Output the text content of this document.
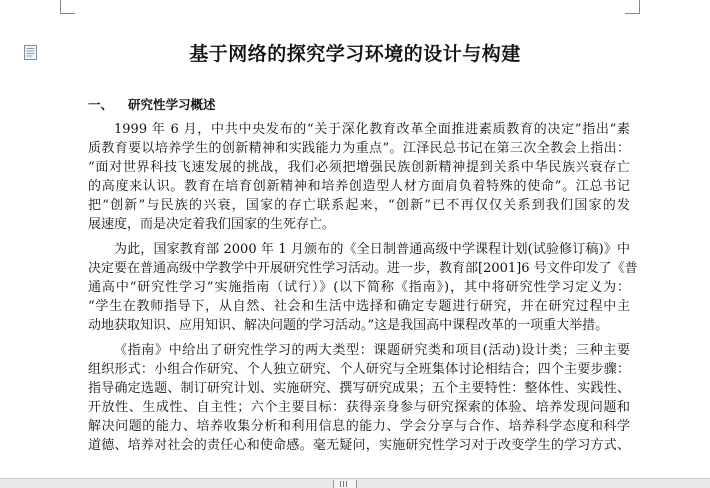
基于网络的探究学习环境的设计与构建
一、 研究性学习概述
1999 年 6 月，中共中央发布的“关于深化教育改革全面推进素质教育的决定”指出“素
质教育要以培养学生的创新精神和实践能力为重点”。江泽民总书记在第三次全教会上指出：
“面对世界科技飞速发展的挑战，我们必须把增强民族创新精神提到关系中华民族兴衰存亡
的高度来认识。教育在培育创新精神和培养创造型人材方面肩负着特殊的使命”。江总书记
把“创新”与民族的兴衰，国家的存亡联系起来，“创新”已不再仅仅关系到我们国家的发
展速度，而是决定着我们国家的生死存亡。
为此，国家教育部 2000 年 1 月颁布的《全日制普通高级中学课程计划(试验修订稿)》中
决定要在普通高级中学教学中开展研究性学习活动。进一步，教育部[2001]6 号文件印发了《普
通高中“研究性学习”实施指南（试行）》(以下简称《指南》)，其中将研究性学习定义为：
“学生在教师指导下，从自然、社会和生活中选择和确定专题进行研究，并在研究过程中主
动地获取知识、应用知识、解决问题的学习活动。”这是我国高中课程改革的一项重大举措。
《指南》中给出了研究性学习的两大类型：课题研究类和项目(活动)设计类；三种主要
组织形式：小组合作研究、个人独立研究、个人研究与全班集体讨论相结合；四个主要步骤：
指导确定选题、制订研究计划、实施研究、撰写研究成果；五个主要特性：整体性、实践性、
开放性、生成性、自主性；六个主要目标：获得亲身参与研究探索的体验、培养发现问题和
解决问题的能力、培养收集分析和利用信息的能力、学会分享与合作、培养科学态度和科学
道德、培养对社会的责任心和使命感。毫无疑问，实施研究性学习对于改变学生的学习方式、
